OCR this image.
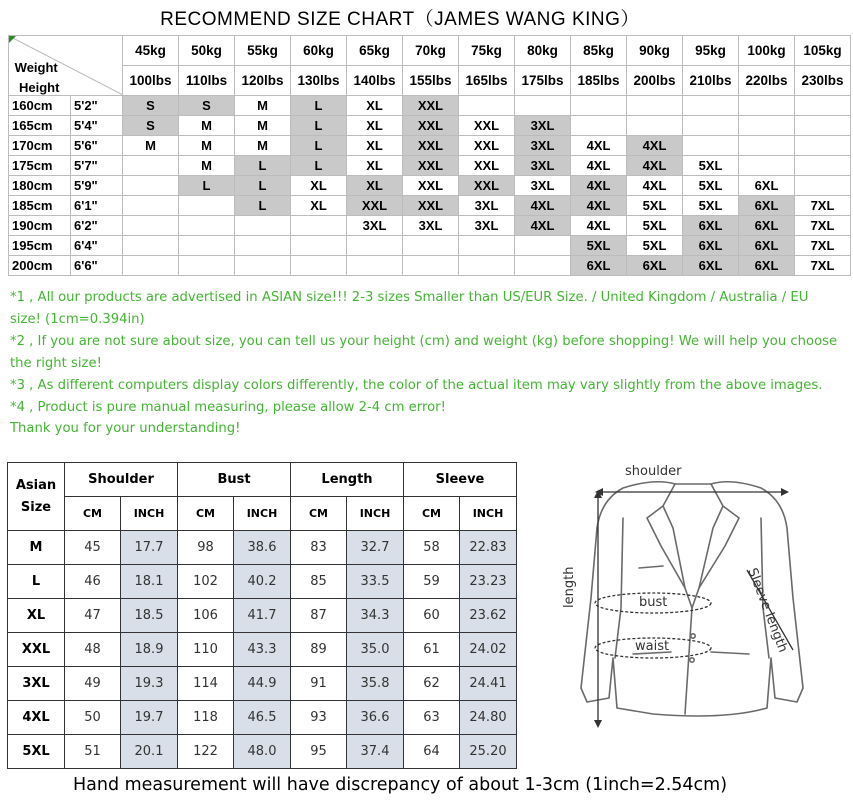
RECOMMEND SIZE CHART（JAMES WANG KING）
Weight
Height		45kg	50kg	55kg	60kg	65kg	70kg	75kg	80kg	85kg	90kg	95kg	100kg	105kg
		100lbs	110lbs	120lbs	130lbs	140lbs	155lbs	165lbs	175lbs	185lbs	200lbs	210lbs	220lbs	230lbs
160cm	5'2"	S	S	M	L	XL	XXL							
165cm	5'4"	S	M	M	L	XL	XXL	XXL	3XL					
170cm	5'6"	M	M	M	L	XL	XXL	XXL	3XL	4XL	4XL			
175cm	5'7"		M	L	L	XL	XXL	XXL	3XL	4XL	4XL	5XL		
180cm	5'9"		L	L	XL	XL	XXL	XXL	3XL	4XL	4XL	5XL	6XL	
185cm	6'1"			L	XL	XXL	XXL	3XL	4XL	4XL	5XL	5XL	6XL	7XL
190cm	6'2"					3XL	3XL	3XL	4XL	4XL	5XL	6XL	6XL	7XL
195cm	6'4"									5XL	5XL	6XL	6XL	7XL
200cm	6'6"									6XL	6XL	6XL	6XL	7XL
*1 , All our products are advertised in ASIAN size!!! 2-3 sizes Smaller than US/EUR Size. / United Kingdom / Australia / EU size! (1cm=0.394in)
*2 , If you are not sure about size, you can tell us your height (cm) and weight (kg) before shopping! We will help you choose the right size!
*3 , As different computers display colors differently, the color of the actual item may vary slightly from the above images.
*4 , Product is pure manual measuring, please allow 2-4 cm error!
Thank you for your understanding!
Asian
Size	Shoulder		Bust		Length		Sleeve	
	CM	INCH	CM	INCH	CM	INCH	CM	INCH
M	45	17.7	98	38.6	83	32.7	58	22.83
L	46	18.1	102	40.2	85	33.5	59	23.23
XL	47	18.5	106	41.7	87	34.3	60	23.62
XXL	48	18.9	110	43.3	89	35.0	61	24.02
3XL	49	19.3	114	44.9	91	35.8	62	24.41
4XL	50	19.7	118	46.5	93	36.6	63	24.80
5XL	51	20.1	122	48.0	95	37.4	64	25.20
shoulder
length	bust
waist	Sleeve length
Hand measurement will have discrepancy of about 1-3cm (1inch=2.54cm)
